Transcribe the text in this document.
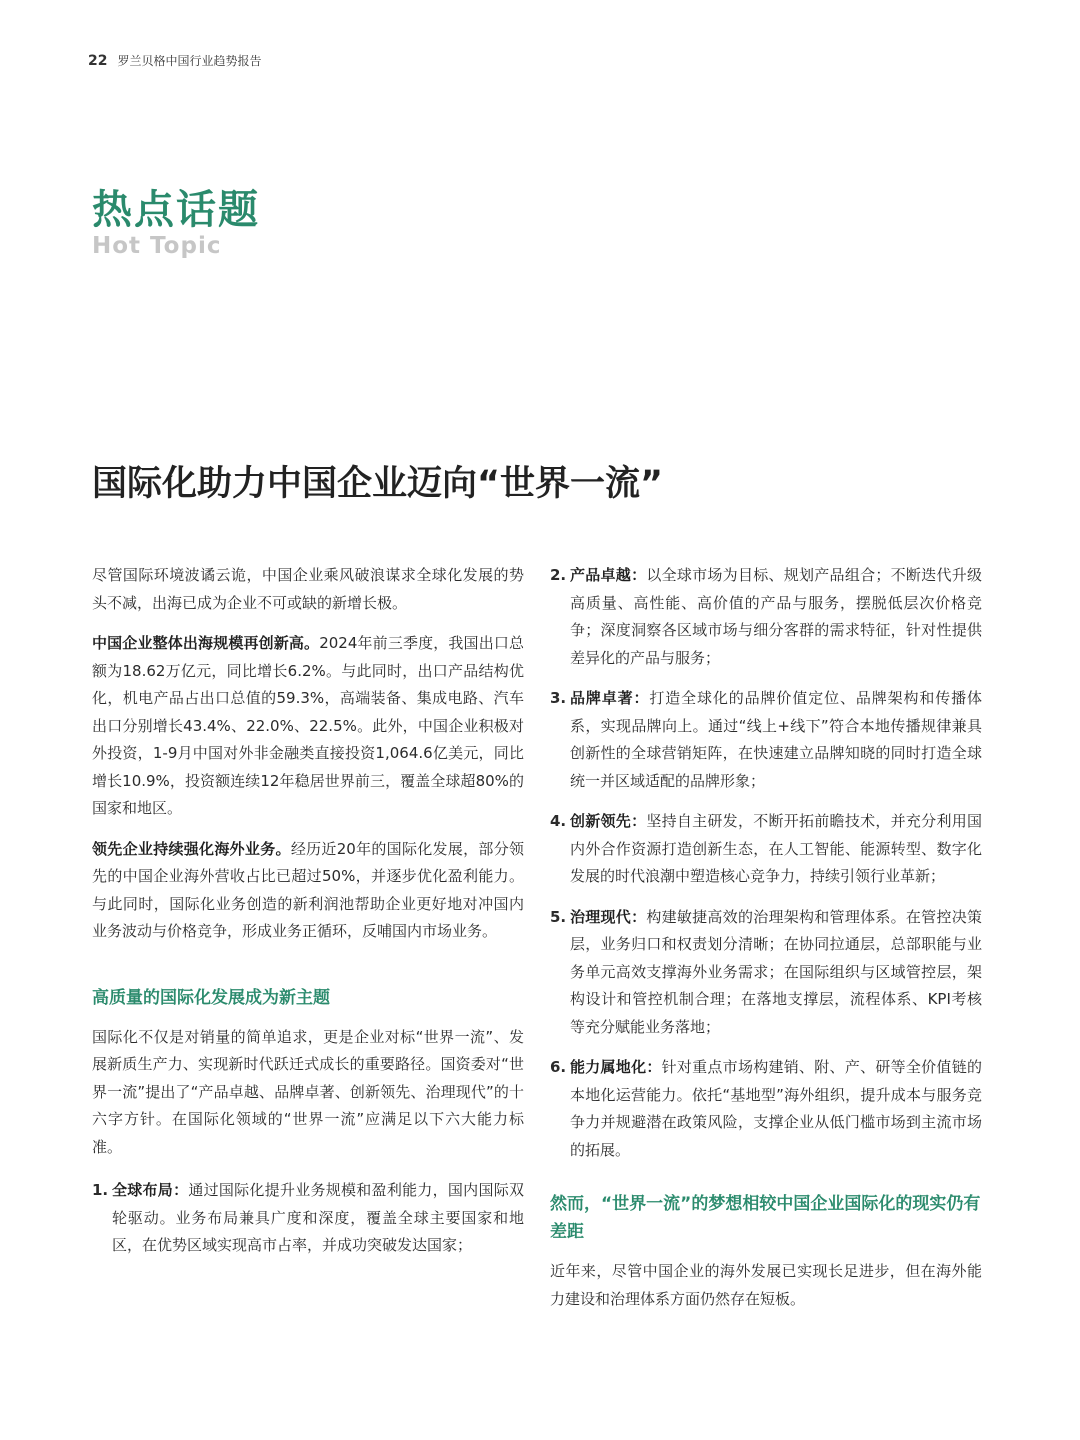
22 罗兰贝格中国行业趋势报告
热点话题
Hot Topic
国际化助力中国企业迈向“世界一流”

尽管国际环境波谲云诡，中国企业乘风破浪谋求全球化发展的势头不减，出海已成为企业不可或缺的新增长极。

中国企业整体出海规模再创新高。2024年前三季度，我国出口总额为18.62万亿元，同比增长6.2%。与此同时，出口产品结构优化，机电产品占出口总值的59.3%，高端装备、集成电路、汽车出口分别增长43.4%、22.0%、22.5%。此外，中国企业积极对外投资，1-9月中国对外非金融类直接投资1,064.6亿美元，同比增长10.9%，投资额连续12年稳居世界前三，覆盖全球超80%的国家和地区。

领先企业持续强化海外业务。经历近20年的国际化发展，部分领先的中国企业海外营收占比已超过50%，并逐步优化盈利能力。与此同时，国际化业务创造的新利润池帮助企业更好地对冲国内业务波动与价格竞争，形成业务正循环，反哺国内市场业务。

高质量的国际化发展成为新主题

国际化不仅是对销量的简单追求，更是企业对标“世界一流”、发展新质生产力、实现新时代跃迁式成长的重要路径。国资委对“世界一流”提出了“产品卓越、品牌卓著、创新领先、治理现代”的十六字方针。在国际化领域的“世界一流”应满足以下六大能力标准。

1. 全球布局：通过国际化提升业务规模和盈利能力，国内国际双轮驱动。业务布局兼具广度和深度，覆盖全球主要国家和地区，在优势区域实现高市占率，并成功突破发达国家；

2. 产品卓越：以全球市场为目标、规划产品组合；不断迭代升级高质量、高性能、高价值的产品与服务，摆脱低层次价格竞争；深度洞察各区域市场与细分客群的需求特征，针对性提供差异化的产品与服务；

3. 品牌卓著：打造全球化的品牌价值定位、品牌架构和传播体系，实现品牌向上。通过“线上+线下”符合本地传播规律兼具创新性的全球营销矩阵，在快速建立品牌知晓的同时打造全球统一并区域适配的品牌形象；

4. 创新领先：坚持自主研发，不断开拓前瞻技术，并充分利用国内外合作资源打造创新生态，在人工智能、能源转型、数字化发展的时代浪潮中塑造核心竞争力，持续引领行业革新；

5. 治理现代：构建敏捷高效的治理架构和管理体系。在管控决策层，业务归口和权责划分清晰；在协同拉通层，总部职能与业务单元高效支撑海外业务需求；在国际组织与区域管控层，架构设计和管控机制合理；在落地支撑层，流程体系、KPI考核等充分赋能业务落地；

6. 能力属地化：针对重点市场构建销、附、产、研等全价值链的本地化运营能力。依托“基地型”海外组织，提升成本与服务竞争力并规避潜在政策风险，支撑企业从低门槛市场到主流市场的拓展。

然而，“世界一流”的梦想相较中国企业国际化的现实仍有差距

近年来，尽管中国企业的海外发展已实现长足进步，但在海外能力建设和治理体系方面仍然存在短板。
